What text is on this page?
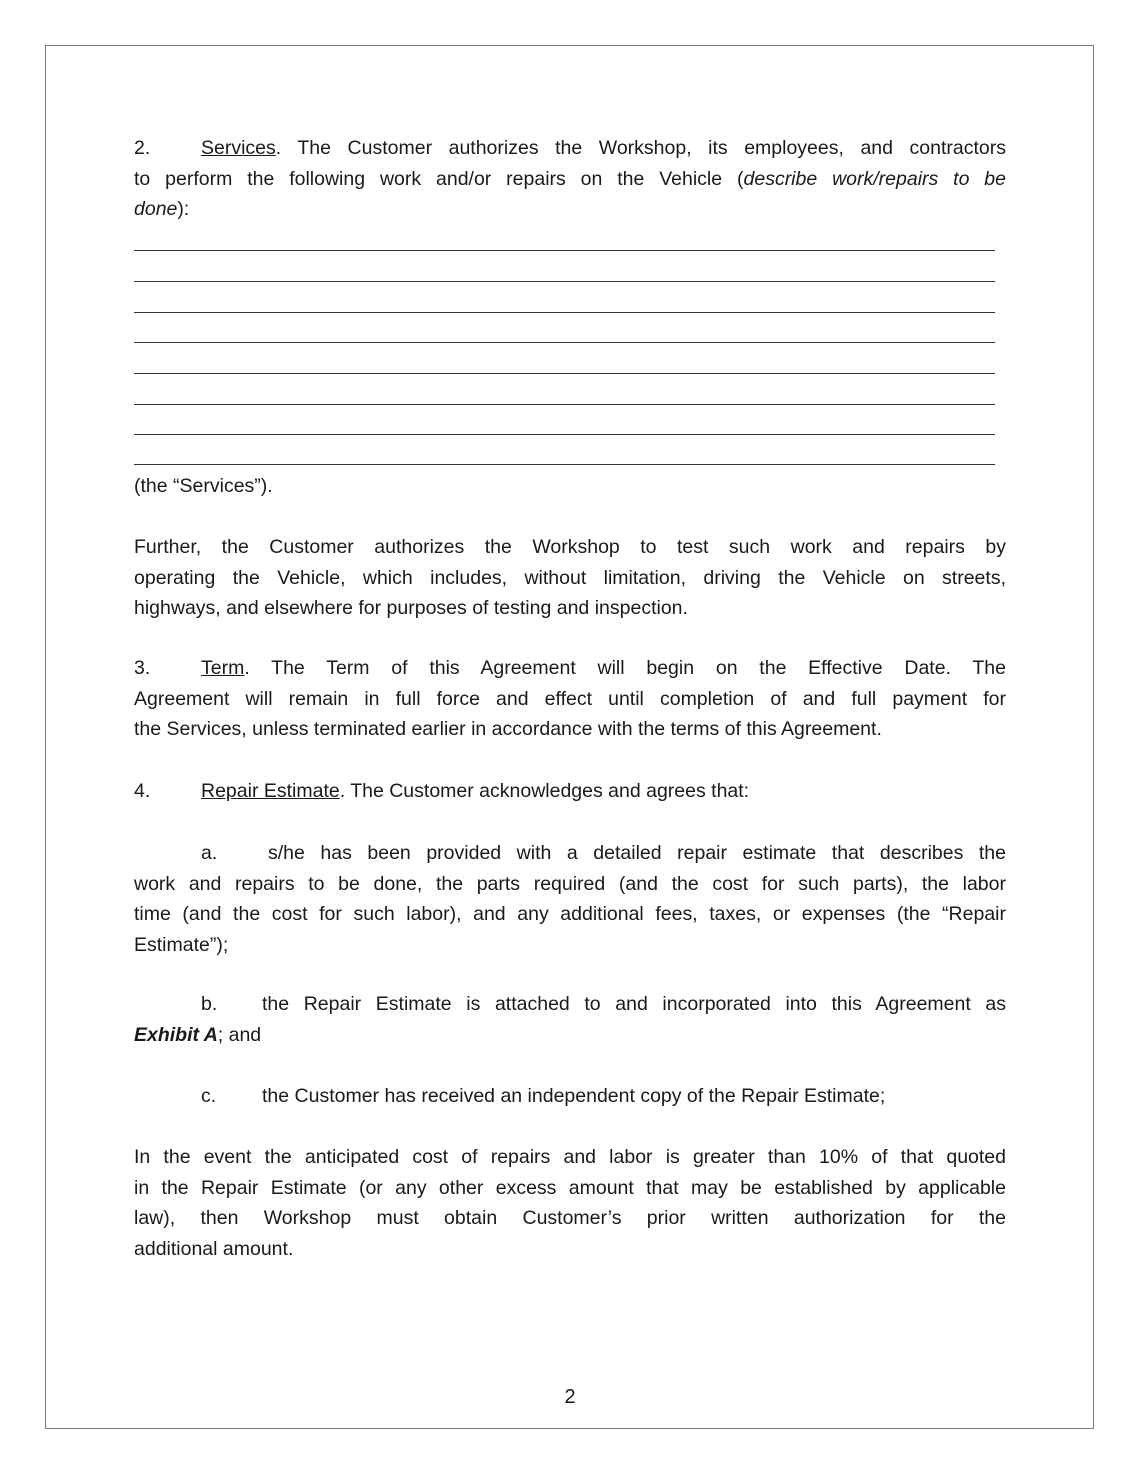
2.	Services. The Customer authorizes the Workshop, its employees, and contractors
to perform the following work and/or repairs on the Vehicle (describe work/repairs to be
done):
(the “Services”).
Further, the Customer authorizes the Workshop to test such work and repairs by
operating the Vehicle, which includes, without limitation, driving the Vehicle on streets,
highways, and elsewhere for purposes of testing and inspection.
3.	Term. The Term of this Agreement will begin on the Effective Date. The
Agreement will remain in full force and effect until completion of and full payment for
the Services, unless terminated earlier in accordance with the terms of this Agreement.
4.	Repair Estimate. The Customer acknowledges and agrees that:
a.	s/he has been provided with a detailed repair estimate that describes the
work and repairs to be done, the parts required (and the cost for such parts), the labor
time (and the cost for such labor), and any additional fees, taxes, or expenses (the “Repair
Estimate”);
b. the Repair Estimate is attached to and incorporated into this Agreement as
Exhibit A; and
c. the Customer has received an independent copy of the Repair Estimate;
In the event the anticipated cost of repairs and labor is greater than 10% of that quoted
in the Repair Estimate (or any other excess amount that may be established by applicable
law), then Workshop must obtain Customer’s prior written authorization for the
additional amount.
2
